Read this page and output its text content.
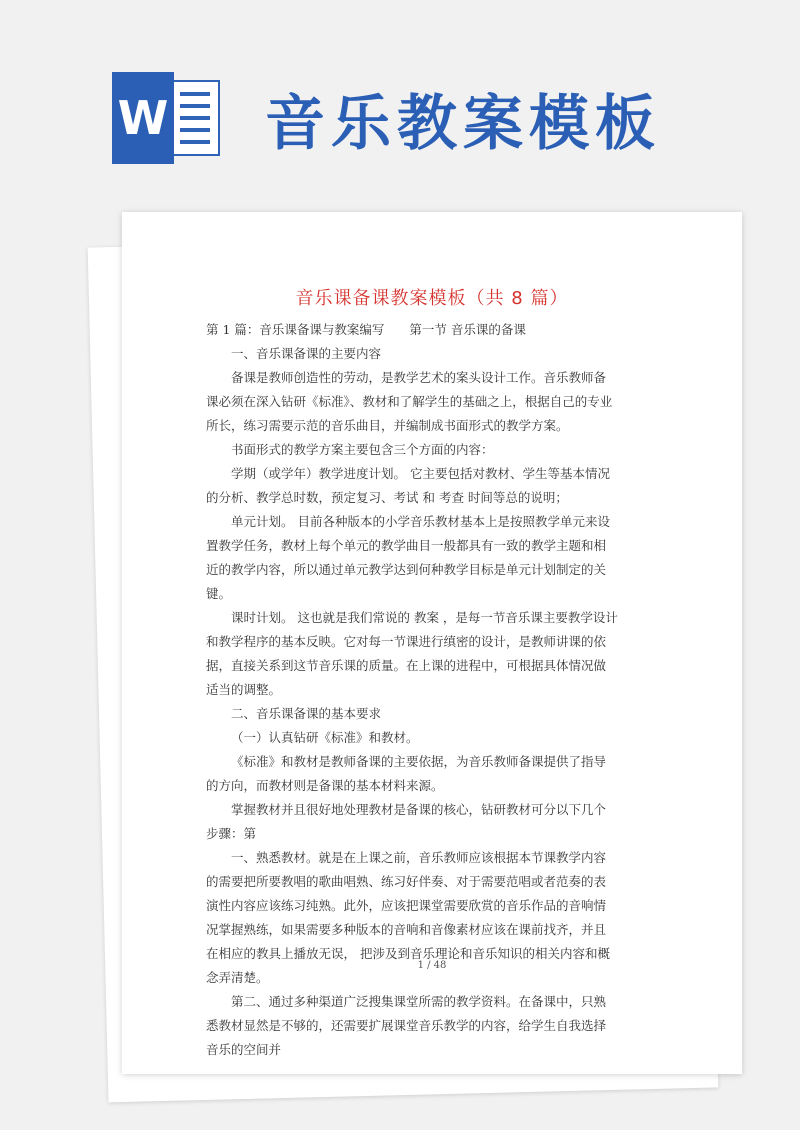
W 音乐教案模板
音乐课备课教案模板（共 8 篇）

第 1 篇：音乐课备课与教案编写　　第一节 音乐课的备课

一、音乐课备课的主要内容

备课是教师创造性的劳动，是教学艺术的案头设计工作。音乐教师备课必须在深入钻研《标准》、教材和了解学生的基础之上，根据自己的专业所长，练习需要示范的音乐曲目，并编制成书面形式的教学方案。

书面形式的教学方案主要包含三个方面的内容：

学期（或学年）教学进度计划。 它主要包括对教材、学生等基本情况的分析、教学总时数，预定复习、考试 和 考查 时间等总的说明；

单元计划。 目前各种版本的小学音乐教材基本上是按照教学单元来设置教学任务，教材上每个单元的教学曲目一般都具有一致的教学主题和相近的教学内容，所以通过单元教学达到何种教学目标是单元计划制定的关键。

课时计划。 这也就是我们常说的 教案 ，是每一节音乐课主要教学设计和教学程序的基本反映。它对每一节课进行缜密的设计，是教师讲课的依据，直接关系到这节音乐课的质量。在上课的进程中，可根据具体情况做适当的调整。

二、音乐课备课的基本要求

（一）认真钻研《标准》和教材。

《标准》和教材是教师备课的主要依据，为音乐教师备课提供了指导的方向，而教材则是备课的基本材料来源。

掌握教材并且很好地处理教材是备课的核心，钻研教材可分以下几个步骤：第

一、熟悉教材。就是在上课之前，音乐教师应该根据本节课教学内容的需要把所要教唱的歌曲唱熟、练习好伴奏、对于需要范唱或者范奏的表演性内容应该练习纯熟。此外，应该把课堂需要欣赏的音乐作品的音响情况掌握熟练，如果需要多种版本的音响和音像素材应该在课前找齐，并且在相应的教具上播放无误， 把涉及到音乐理论和音乐知识的相关内容和概念弄清楚。

第二、通过多种渠道广泛搜集课堂所需的教学资料。在备课中，只熟悉教材显然是不够的，还需要扩展课堂音乐教学的内容，给学生自我选择音乐的空间并

1 / 48
